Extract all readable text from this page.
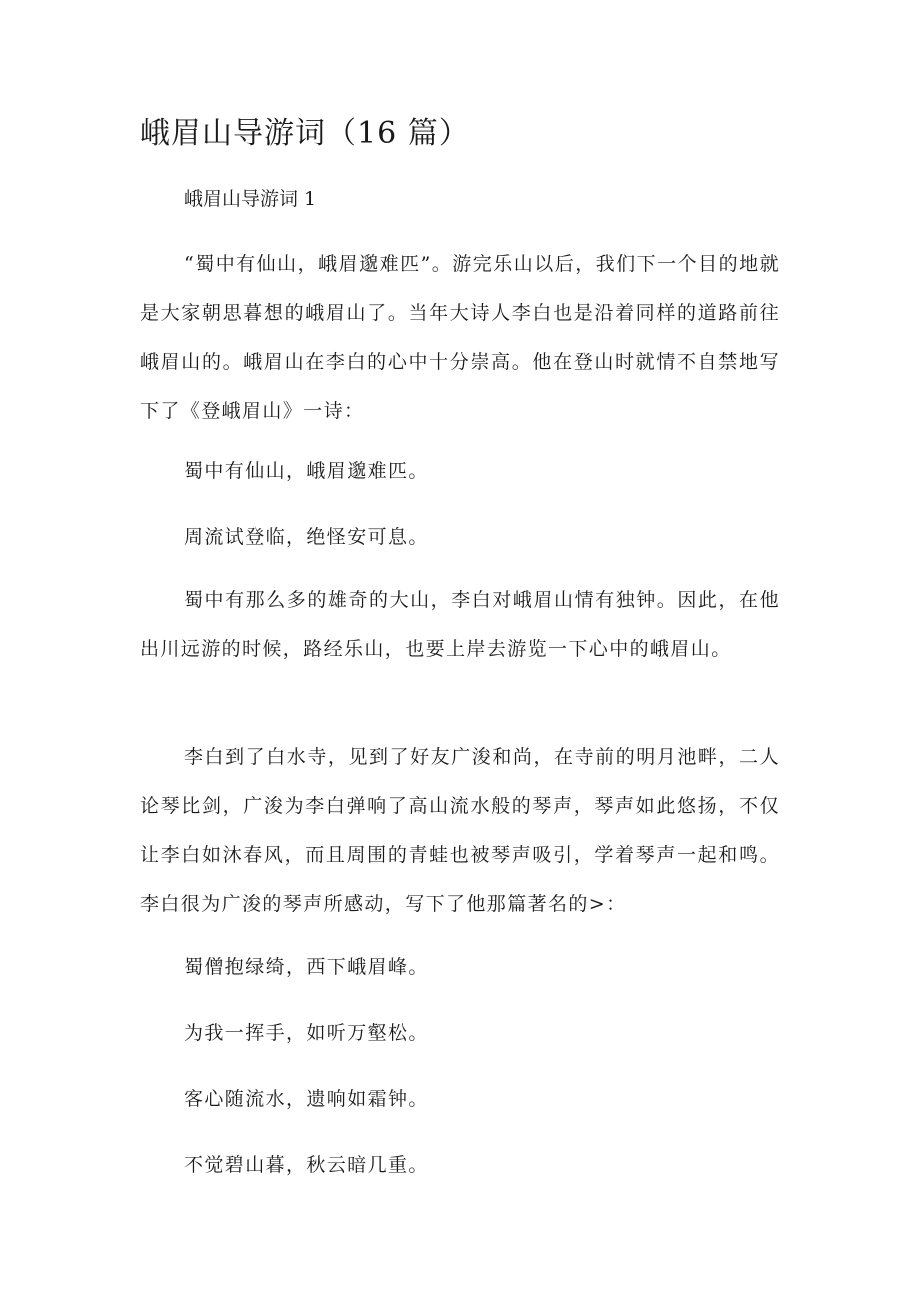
峨眉山导游词（16 篇）
峨眉山导游词 1
“蜀中有仙山，峨眉邈难匹”。游完乐山以后，我们下一个目的地就是大家朝思暮想的峨眉山了。当年大诗人李白也是沿着同样的道路前往峨眉山的。峨眉山在李白的心中十分崇高。他在登山时就情不自禁地写下了《登峨眉山》一诗：
蜀中有仙山，峨眉邈难匹。
周流试登临，绝怪安可息。
蜀中有那么多的雄奇的大山，李白对峨眉山情有独钟。因此，在他出川远游的时候，路经乐山，也要上岸去游览一下心中的峨眉山。
李白到了白水寺，见到了好友广浚和尚，在寺前的明月池畔，二人论琴比剑，广浚为李白弹响了高山流水般的琴声，琴声如此悠扬，不仅让李白如沐春风，而且周围的青蛙也被琴声吸引，学着琴声一起和鸣。李白很为广浚的琴声所感动，写下了他那篇著名的>：
蜀僧抱绿绮，西下峨眉峰。
为我一挥手，如听万壑松。
客心随流水，遗响如霜钟。
不觉碧山暮，秋云暗几重。
